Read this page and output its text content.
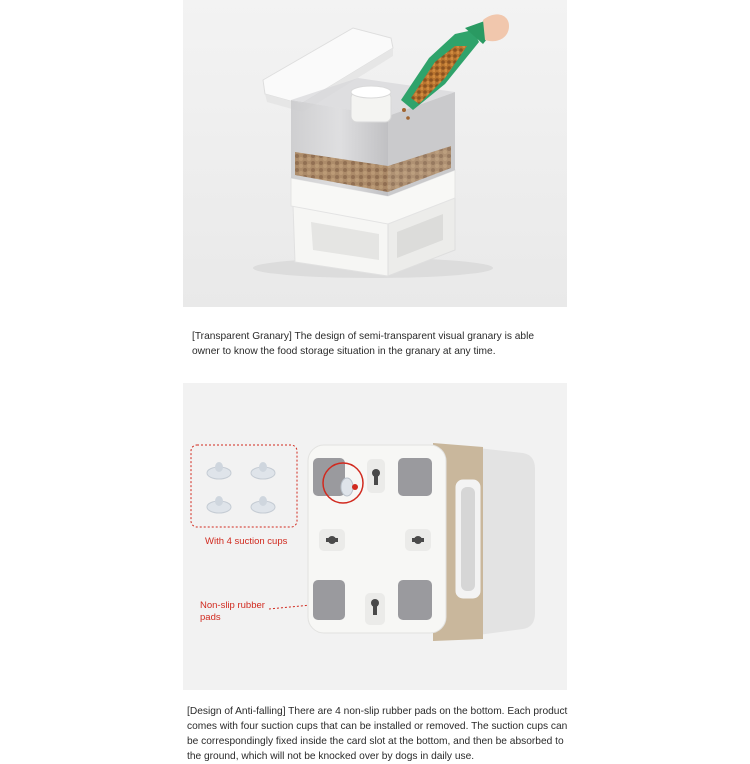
[Transparent Granary] The design of semi-transparent visual granary is able owner to know the food storage situation in the granary at any time.
With 4 suction cups
Non-slip rubber pads
[Design of Anti-falling] There are 4 non-slip rubber pads on the bottom. Each product comes with four suction cups that can be installed or removed. The suction cups can be correspondingly fixed inside the card slot at the bottom, and then be absorbed to the ground, which will not be knocked over by dogs in daily use.
